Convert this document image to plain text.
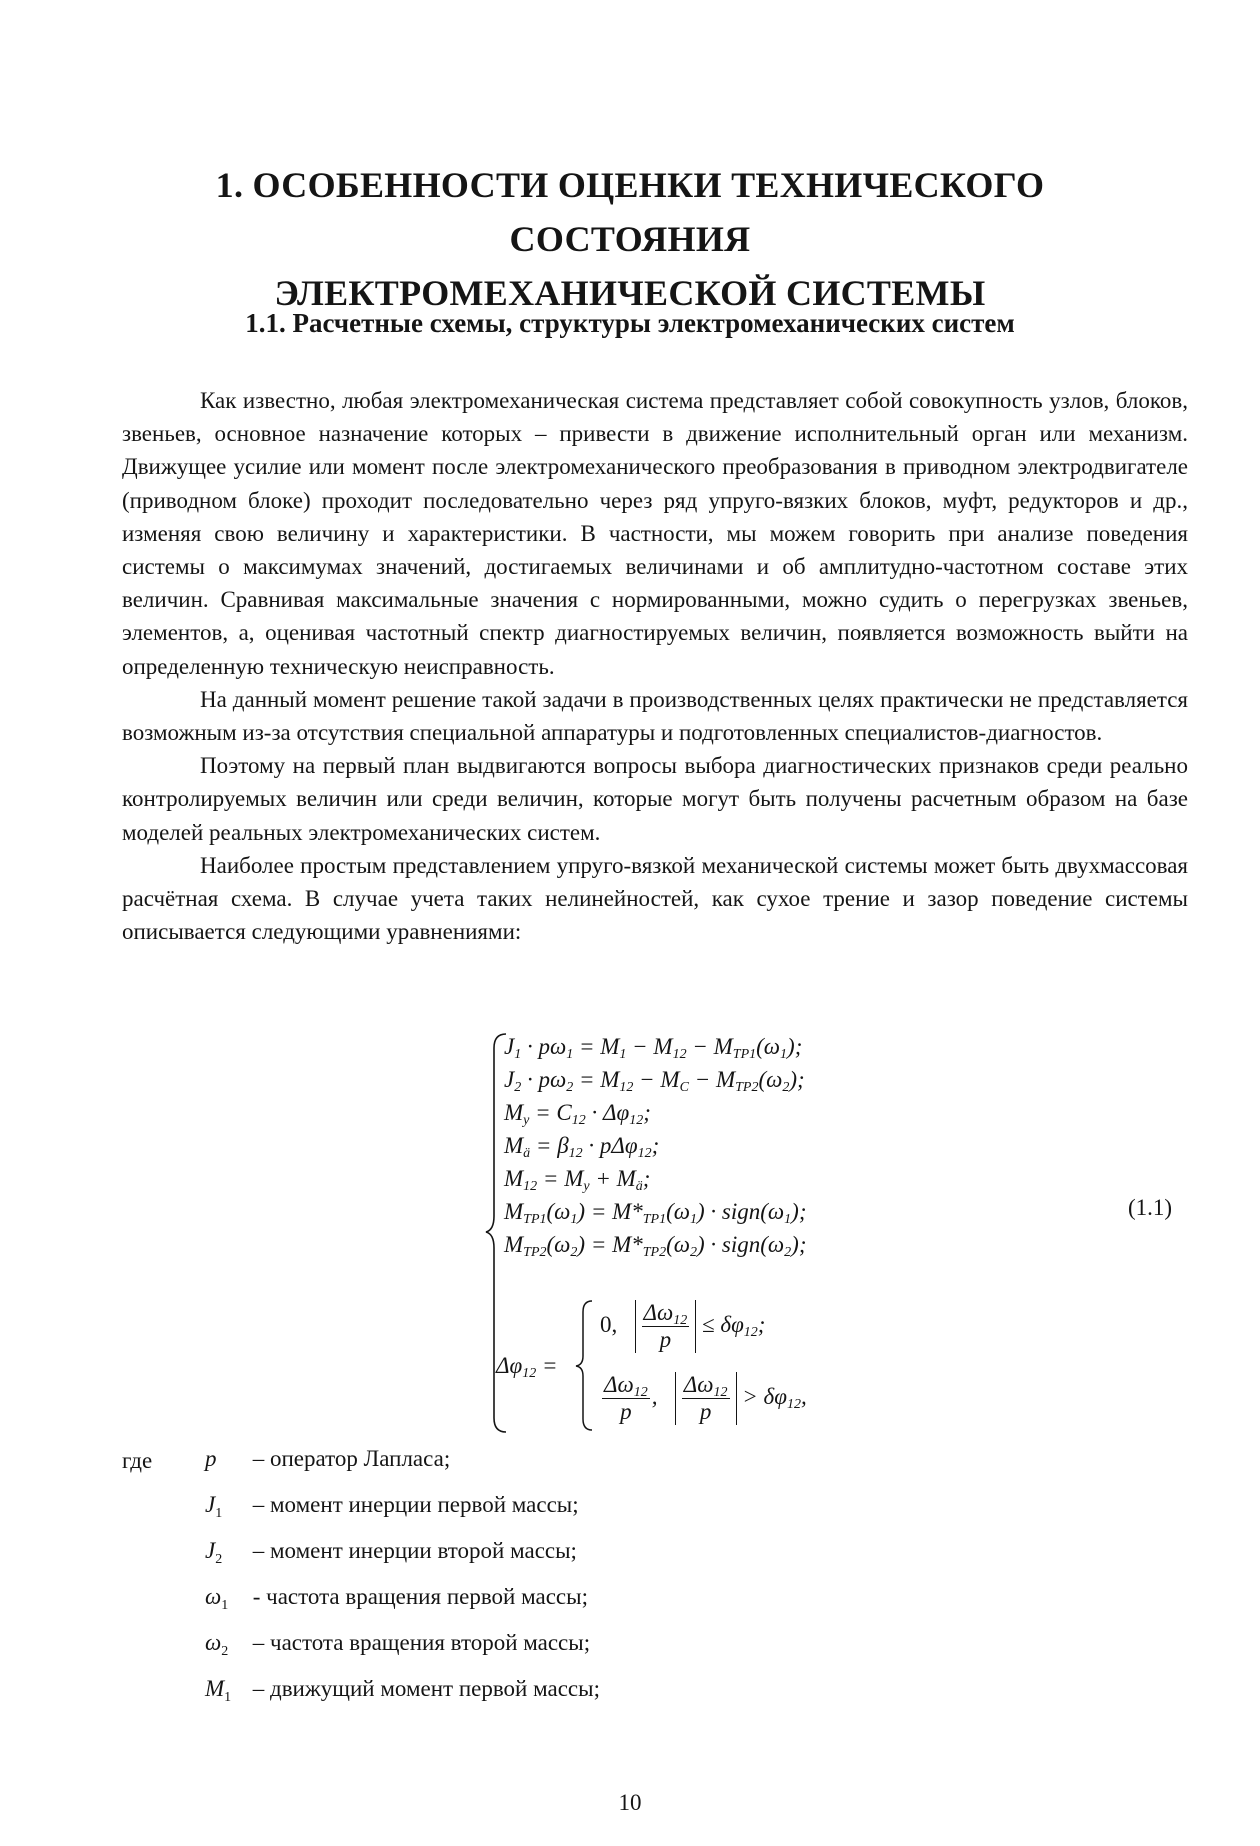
1. ОСОБЕННОСТИ ОЦЕНКИ ТЕХНИЧЕСКОГО СОСТОЯНИЯ
ЭЛЕКТРОМЕХАНИЧЕСКОЙ СИСТЕМЫ
1.1. Расчетные схемы, структуры электромеханических систем

Как известно, любая электромеханическая система представляет собой совокупность узлов, блоков, звеньев, основное назначение которых – привести в движение исполнительный орган или механизм. Движущее усилие или момент после электромеханического преобразования в приводном электродвигателе (приводном блоке) проходит последовательно через ряд упруго-вязких блоков, муфт, редукторов и др., изменяя свою величину и характеристики. В частности, мы можем говорить при анализе поведения системы о максимумах значений, достигаемых величинами и об амплитудно-частотном составе этих величин. Сравнивая максимальные значения с нормированными, можно судить о перегрузках звеньев, элементов, а, оценивая частотный спектр диагностируемых величин, появляется возможность выйти на определенную техническую неисправность.

На данный момент решение такой задачи в производственных целях практически не представляется возможным из-за отсутствия специальной аппаратуры и подготовленных специалистов-диагностов.

Поэтому на первый план выдвигаются вопросы выбора диагностических признаков среди реально контролируемых величин или среди величин, которые могут быть получены расчетным образом на базе моделей реальных электромеханических систем.

Наиболее простым представлением упруго-вязкой механической системы может быть двухмассовая расчётная схема. В случае учета таких нелинейностей, как сухое трение и зазор поведение системы описывается следующими уравнениями:

$J_1 \cdot p\omega_1 = M_1 - M_{12} - M_{TP1}(\omega_1)$;
$J_2 \cdot p\omega_2 = M_{12} - M_C - M_{TP2}(\omega_2)$;
$M_y = C_{12} \cdot \Delta\varphi_{12}$;
$M_ä = \beta_{12} \cdot p\Delta\varphi_{12}$;
$M_{12} = M_y + M_ä$;
$M_{TP1}(\omega_1) = M*_{TP1}(\omega_1)$ · $sign(\omega_1)$;
$M_{TP2}(\omega_2) = M*_{TP2}(\omega_2)$ · $sign(\omega_2)$;
$\Delta\varphi_{12}$ =
0, $\frac{\Delta\omega_{12}}{p} \le \delta\varphi_{12}$;
$\frac{\Delta\omega_{12}}{p}$ , $\frac{\Delta\omega_{12}}{p} > \delta\varphi_{12}$,
(1.1)
где p – оператор Лапласа;
$J_1$ – момент инерции первой массы;
$J_2$ – момент инерции второй массы;
$\omega_1$ - частота вращения первой массы;
$\omega_2$ – частота вращения второй массы;
$M_1$ – движущий момент первой массы;
10
